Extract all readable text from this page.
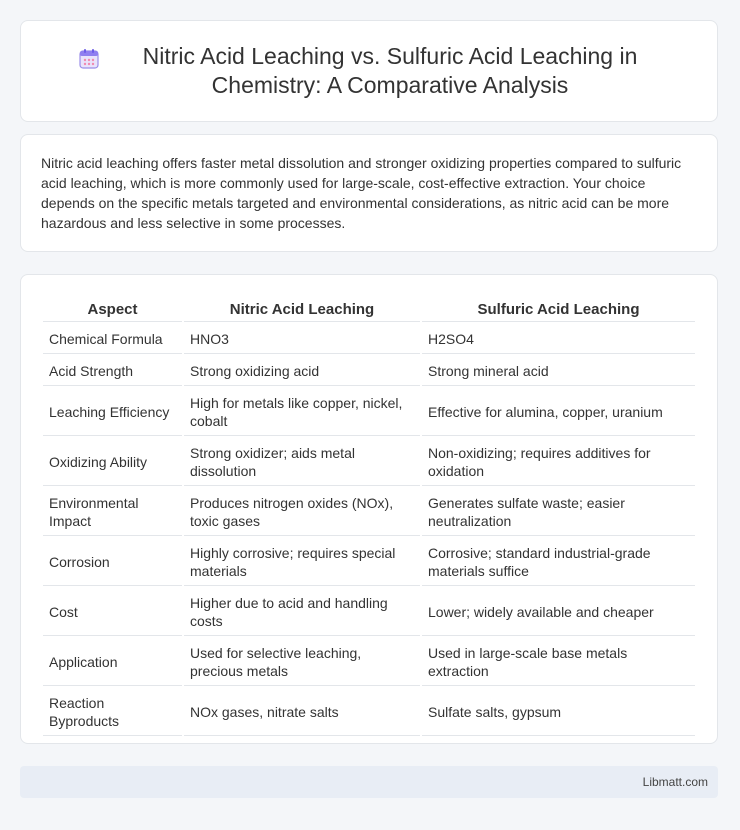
Nitric Acid Leaching vs. Sulfuric Acid Leaching in Chemistry: A Comparative Analysis

Nitric acid leaching offers faster metal dissolution and stronger oxidizing properties compared to sulfuric acid leaching, which is more commonly used for large-scale, cost-effective extraction. Your choice depends on the specific metals targeted and environmental considerations, as nitric acid can be more hazardous and less selective in some processes.

Aspect	Nitric Acid Leaching	Sulfuric Acid Leaching
Chemical Formula	HNO3	H2SO4
Acid Strength	Strong oxidizing acid	Strong mineral acid
Leaching Efficiency	High for metals like copper, nickel, cobalt	Effective for alumina, copper, uranium
Oxidizing Ability	Strong oxidizer; aids metal dissolution	Non-oxidizing; requires additives for oxidation
Environmental Impact	Produces nitrogen oxides (NOx), toxic gases	Generates sulfate waste; easier neutralization
Corrosion	Highly corrosive; requires special materials	Corrosive; standard industrial-grade materials suffice
Cost	Higher due to acid and handling costs	Lower; widely available and cheaper
Application	Used for selective leaching, precious metals	Used in large-scale base metals extraction
Reaction Byproducts	NOx gases, nitrate salts	Sulfate salts, gypsum
Libmatt.com
